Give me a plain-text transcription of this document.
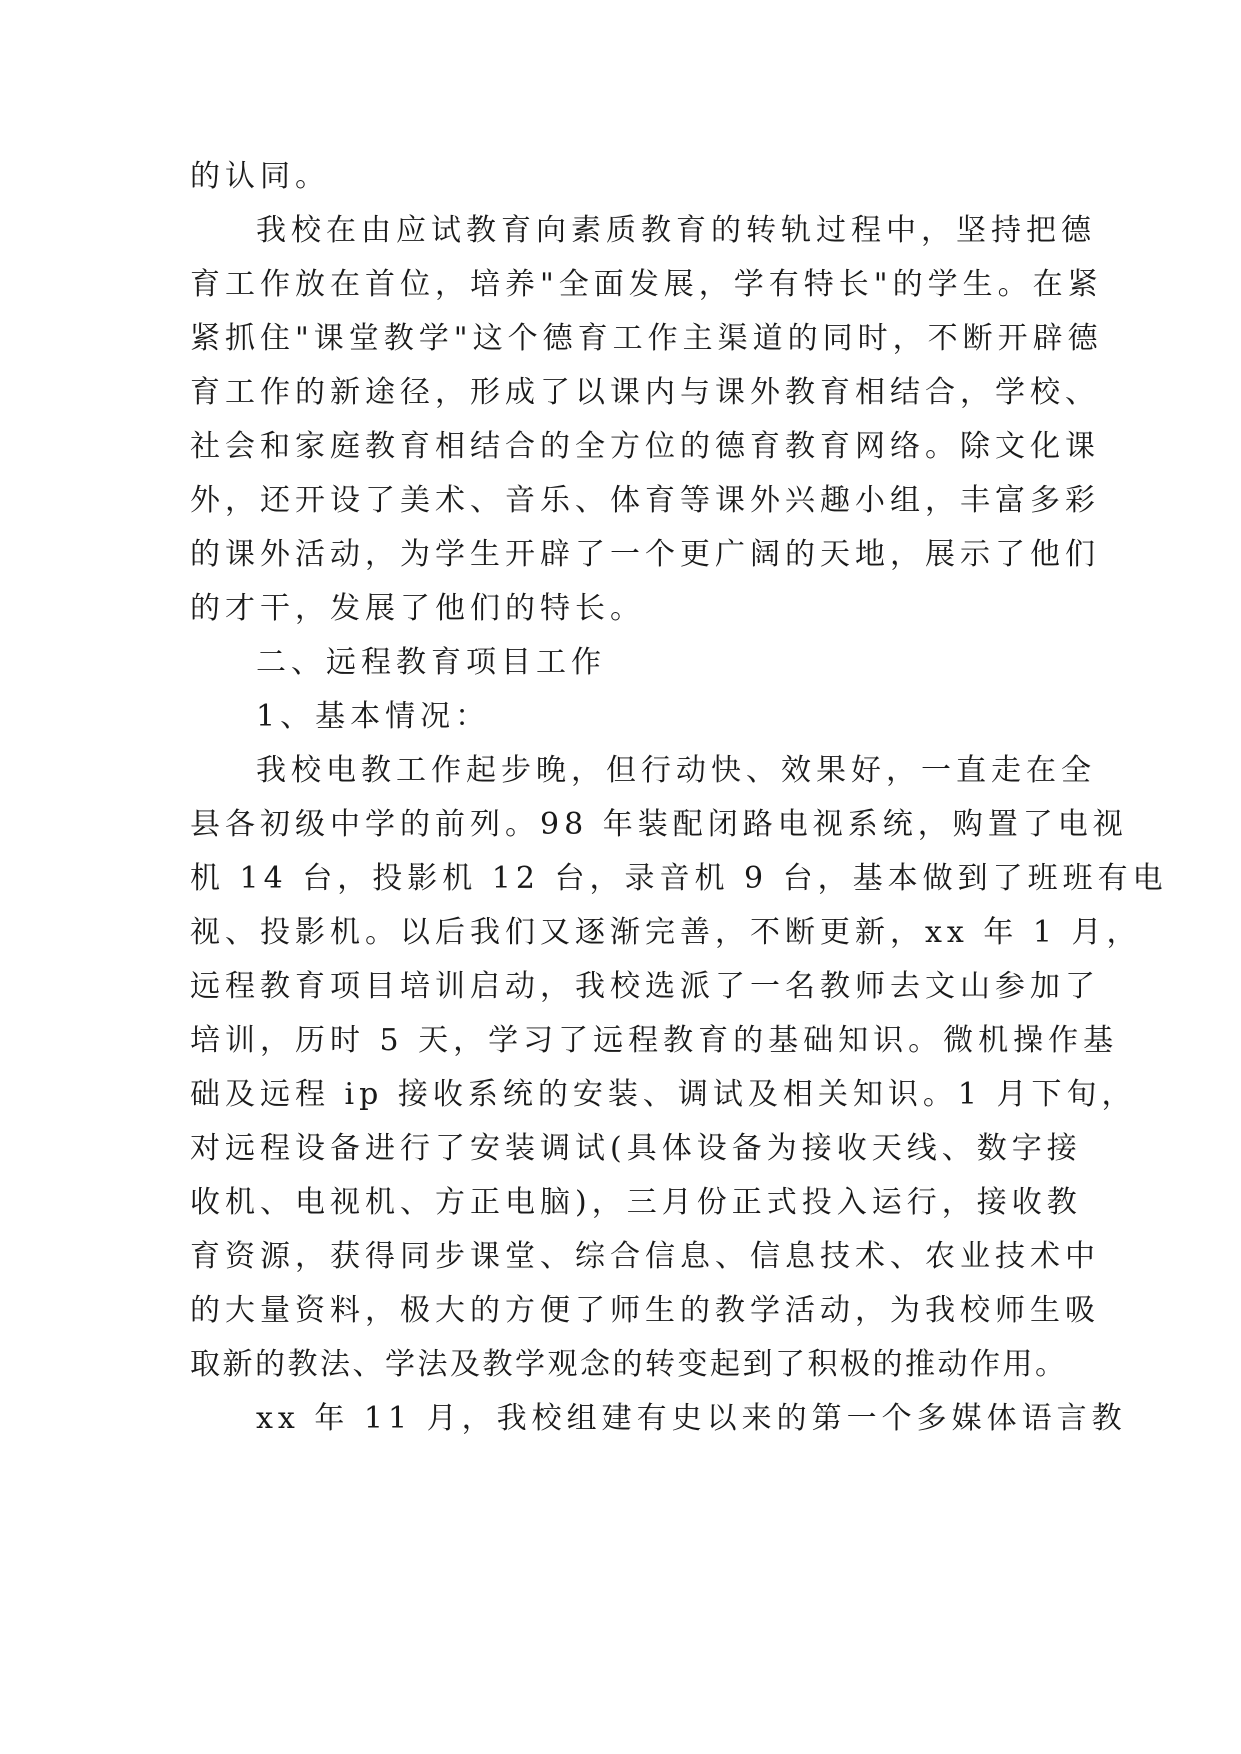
的认同。
我校在由应试教育向素质教育的转轨过程中，坚持把德
育工作放在首位，培养"全面发展，学有特长"的学生。在紧
紧抓住"课堂教学"这个德育工作主渠道的同时，不断开辟德
育工作的新途径，形成了以课内与课外教育相结合，学校、
社会和家庭教育相结合的全方位的德育教育网络。除文化课
外，还开设了美术、音乐、体育等课外兴趣小组，丰富多彩
的课外活动，为学生开辟了一个更广阔的天地，展示了他们
的才干，发展了他们的特长。
二、远程教育项目工作
1、基本情况：
我校电教工作起步晚，但行动快、效果好，一直走在全
县各初级中学的前列。98 年装配闭路电视系统，购置了电视
机 14 台，投影机 12 台，录音机 9 台，基本做到了班班有电
视、投影机。以后我们又逐渐完善，不断更新，xx 年 1 月，
远程教育项目培训启动，我校选派了一名教师去文山参加了
培训，历时 5 天，学习了远程教育的基础知识。微机操作基
础及远程 ip 接收系统的安装、调试及相关知识。1 月下旬，
对远程设备进行了安装调试(具体设备为接收天线、数字接
收机、电视机、方正电脑)，三月份正式投入运行，接收教
育资源，获得同步课堂、综合信息、信息技术、农业技术中
的大量资料，极大的方便了师生的教学活动，为我校师生吸
取新的教法、学法及教学观念的转变起到了积极的推动作用。
xx 年 11 月，我校组建有史以来的第一个多媒体语言教
